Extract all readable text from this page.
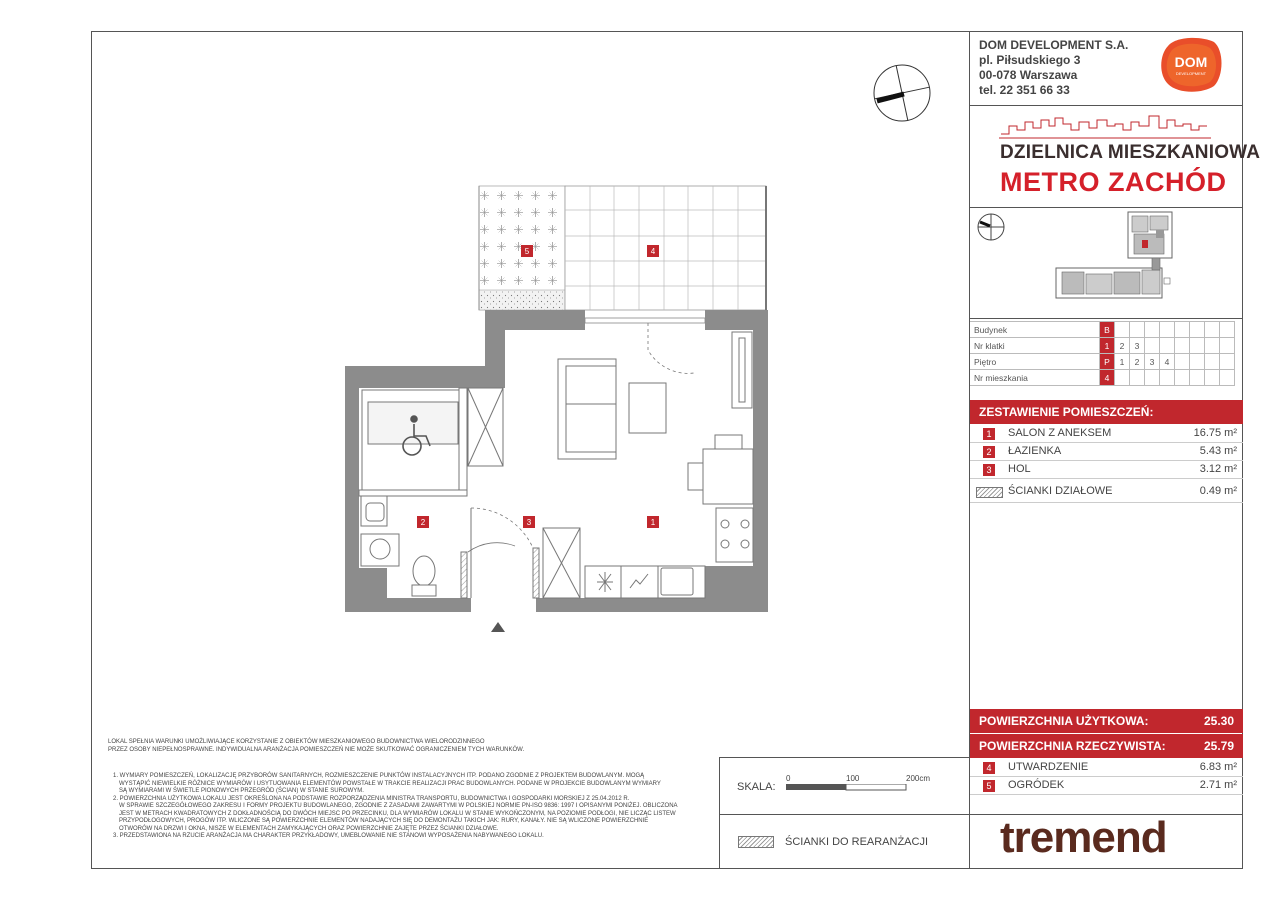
DOM DEVELOPMENT S.A.
pl. Piłsudskiego 3
00-078 Warszawa
tel. 22 351 66 33
DOM
DEVELOPMENT
DZIELNICA MIESZKANIOWA
METRO ZACHÓD
Budynek	B								
Nr klatki	1	2	3						
Piętro	P	1	2	3	4				
Nr mieszkania	4								
ZESTAWIENIE POMIESZCZEŃ:
1	SALON Z ANEKSEM	16.75 m²
2	ŁAZIENKA	5.43 m²
3	HOL	3.12 m²
ŚCIANKI DZIAŁOWE	0.49 m²
POWIERZCHNIA UŻYTKOWA:	25.30
POWIERZCHNIA RZECZYWISTA:	25.79
4	UTWARDZENIE	6.83 m²
5	OGRÓDEK	2.71 m²
5	4
2	3	1
LOKAL SPEŁNIA WARUNKI UMOŻLIWIAJĄCE KORZYSTANIE Z OBIEKTÓW MIESZKANIOWEGO BUDOWNICTWA WIELORODZINNEGO
PRZEZ OSOBY NIEPEŁNOSPRAWNE. INDYWIDUALNA ARANŻACJA POMIESZCZEŃ NIE MOŻE SKUTKOWAĆ OGRANICZENIEM TYCH WARUNKÓW.
1. WYMIARY POMIESZCZEŃ, LOKALIZACJĘ PRZYBORÓW SANITARNYCH, ROZMIESZCZENIE PUNKTÓW INSTALACYJNYCH ITP. PODANO ZGODNIE Z PROJEKTEM BUDOWLANYM. MOGĄ
WYSTĄPIĆ NIEWIELKIE RÓŻNICE WYMIARÓW I USYTUOWANIA ELEMENTÓW POWSTAŁE W TRAKCIE REALIZACJI PRAC BUDOWLANYCH. PODANE W PROJEKCIE BUDOWLANYM WYMIARY
SĄ WYMIARAMI W ŚWIETLE PIONOWYCH PRZEGRÓD (ŚCIAN) W STANIE SUROWYM.
2. POWIERZCHNIA UŻYTKOWA LOKALU JEST OKREŚLONA NA PODSTAWIE ROZPORZĄDZENIA MINISTRA TRANSPORTU, BUDOWNICTWA I GOSPODARKI MORSKIEJ Z 25.04.2012 R.
W SPRAWIE SZCZEGÓŁOWEGO ZAKRESU I FORMY PROJEKTU BUDOWLANEGO, ZGODNIE Z ZASADAMI ZAWARTYMI W POLSKIEJ NORMIE PN-ISO 9836: 1997 I OPISANYMI PONIŻEJ. OBLICZONA
JEST W METRACH KWADRATOWYCH Z DOKŁADNOŚCIĄ DO DWÓCH MIEJSC PO PRZECINKU, DLA WYMIARÓW LOKALU W STANIE WYKOŃCZONYM, NA POZIOMIE PODŁOGI, NIE LICZĄC LISTEW
PRZYPODŁOGOWYCH, PROGÓW ITP. WLICZONE SĄ POWIERZCHNIE ELEMENTÓW NADAJĄCYCH SIĘ DO DEMONTAŻU TAKICH JAK: RURY, KANAŁY. NIE SĄ WLICZONE POWIERZCHNIE
OTWORÓW NA DRZWI I OKNA, NISZE W ELEMENTACH ZAMYKAJĄCYCH ORAZ POWIERZCHNIE ZAJĘTE PRZEZ ŚCIANKI DZIAŁOWE.
3. PRZEDSTAWIONA NA RZUCIE ARANŻACJA MA CHARAKTER PRZYKŁADOWY, UMEBLOWANIE NIE STANOWI WYPOSAŻENIA NABYWANEGO LOKALU.
SKALA:
0	100	200cm
ŚCIANKI DO REARANŻACJI tremend
